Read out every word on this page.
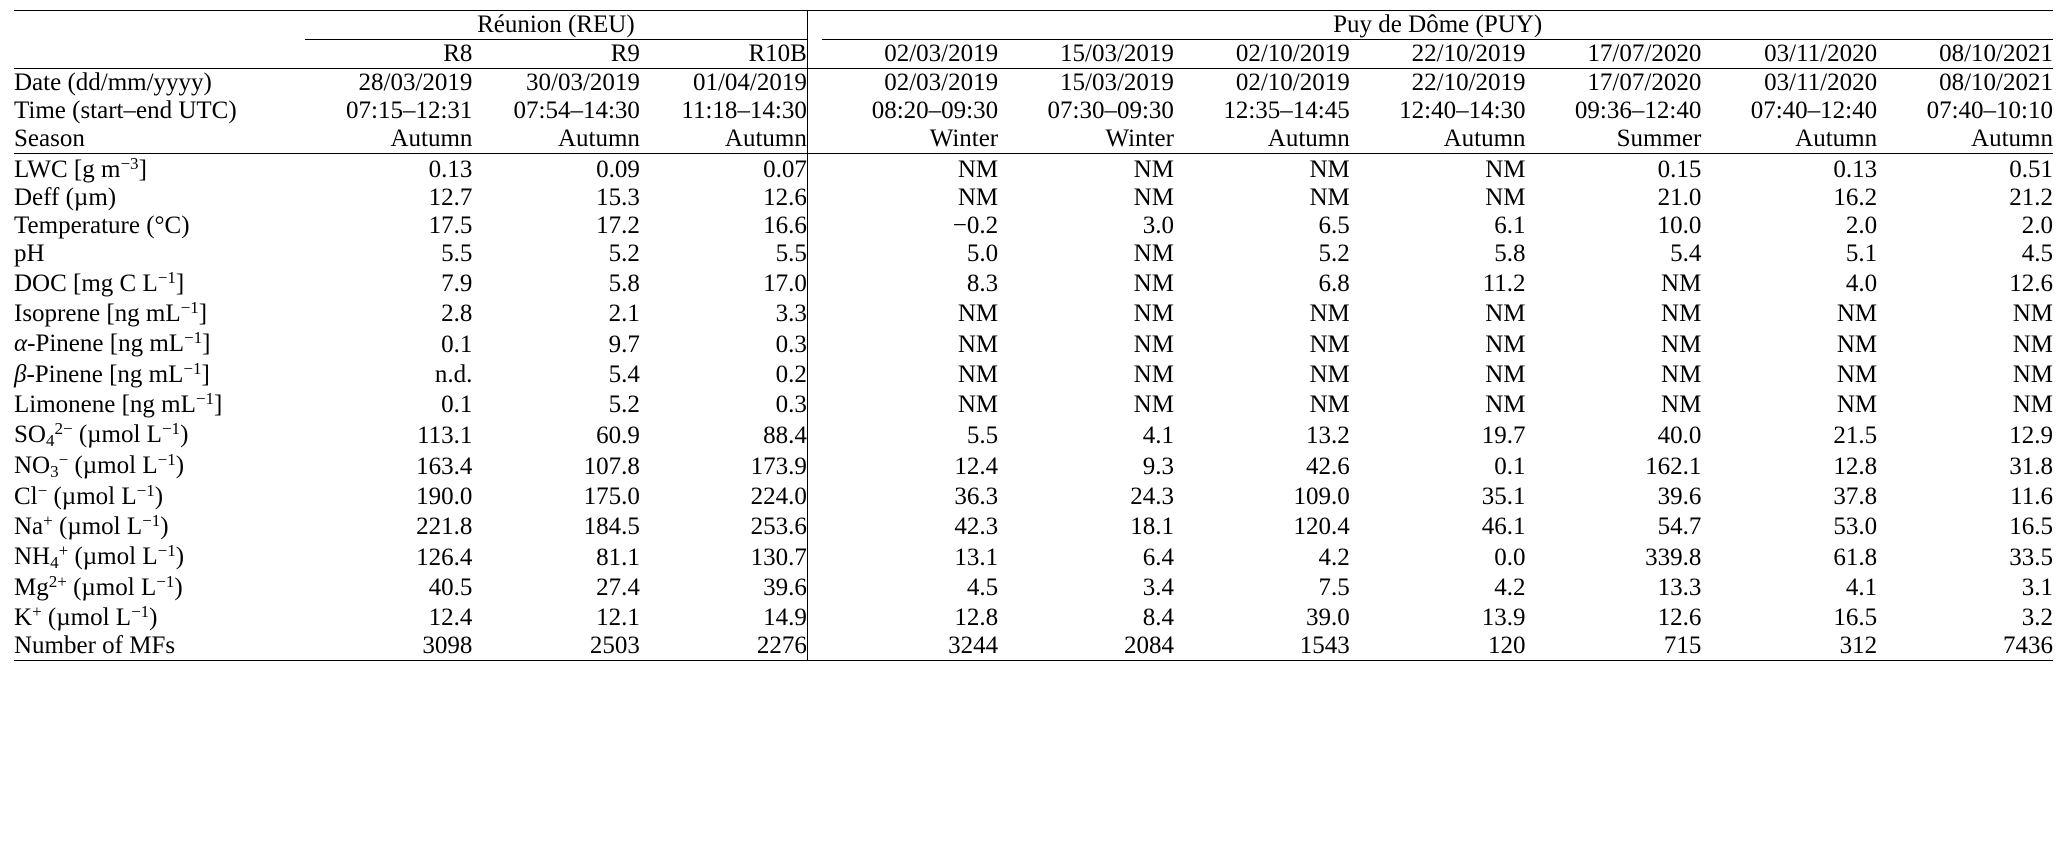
	Réunion (REU)				Puy de Dôme (PUY)						
	R8	R9	R10B		02/03/2019	15/03/2019	02/10/2019	22/10/2019	17/07/2020	03/11/2020	08/10/2021
Date (dd/mm/yyyy)	28/03/2019	30/03/2019	01/04/2019		02/03/2019	15/03/2019	02/10/2019	22/10/2019	17/07/2020	03/11/2020	08/10/2021
Time (start–end UTC)	07:15–12:31	07:54–14:30	11:18–14:30		08:20–09:30	07:30–09:30	12:35–14:45	12:40–14:30	09:36–12:40	07:40–12:40	07:40–10:10
Season	Autumn	Autumn	Autumn		Winter	Winter	Autumn	Autumn	Summer	Autumn	Autumn
LWC [g $m^{-3}$]	0.13	0.09	0.07		NM	NM	NM	NM	0.15	0.13	0.51
Deff (µm)	12.7	15.3	12.6		NM	NM	NM	NM	21.0	16.2	21.2
Temperature (°C)	17.5	17.2	16.6		−0.2	3.0	6.5	6.1	10.0	2.0	2.0
pH	5.5	5.2	5.5		5.0	NM	5.2	5.8	5.4	5.1	4.5
DOC [mg C $L^{-1}$]	7.9	5.8	17.0		8.3	NM	6.8	11.2	NM	4.0	12.6
Isoprene [ng $mL^{-1}$]	2.8	2.1	3.3		NM	NM	NM	NM	NM	NM	NM
α-Pinene [ng $mL^{-1}$]	0.1	9.7	0.3		NM	NM	NM	NM	NM	NM	NM
β-Pinene [ng $mL^{-1}$]	n.d.	5.4	0.2		NM	NM	NM	NM	NM	NM	NM
Limonene [ng $mL^{-1}$]	0.1	5.2	0.3		NM	NM	NM	NM	NM	NM	NM
$SO_4^{2-}$ (µmol $L^{-1}$)	113.1	60.9	88.4		5.5	4.1	13.2	19.7	40.0	21.5	12.9
$NO_3^-$ (µmol $L^{-1}$)	163.4	107.8	173.9		12.4	9.3	42.6	0.1	162.1	12.8	31.8
Cl− (µmol $L^{-1}$)	190.0	175.0	224.0		36.3	24.3	109.0	35.1	39.6	37.8	11.6
Na+ (µmol $L^{-1}$)	221.8	184.5	253.6		42.3	18.1	120.4	46.1	54.7	53.0	16.5
$NH_4^+$ (µmol $L^{-1}$)	126.4	81.1	130.7		13.1	6.4	4.2	0.0	339.8	61.8	33.5
$Mg^{2+}$ (µmol $L^{-1}$)	40.5	27.4	39.6		4.5	3.4	7.5	4.2	13.3	4.1	3.1
K+ (µmol $L^{-1}$)	12.4	12.1	14.9		12.8	8.4	39.0	13.9	12.6	16.5	3.2
Number of MFs	3098	2503	2276		3244	2084	1543	120	715	312	7436
